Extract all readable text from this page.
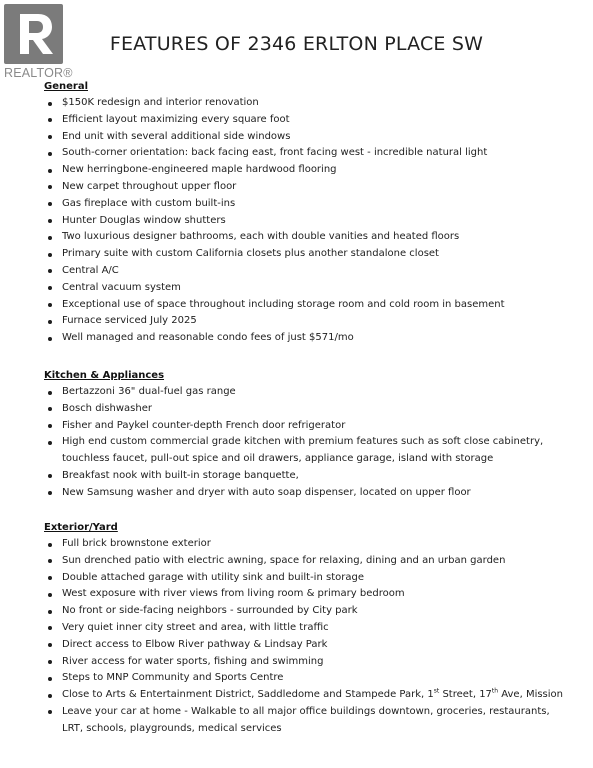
REALTOR®
FEATURES OF 2346 ERLTON PLACE SW
General
$150K redesign and interior renovation
Efficient layout maximizing every square foot
End unit with several additional side windows
South-corner orientation: back facing east, front facing west - incredible natural light
New herringbone-engineered maple hardwood flooring
New carpet throughout upper floor
Gas fireplace with custom built-ins
Hunter Douglas window shutters
Two luxurious designer bathrooms, each with double vanities and heated floors
Primary suite with custom California closets plus another standalone closet
Central A/C
Central vacuum system
Exceptional use of space throughout including storage room and cold room in basement
Furnace serviced July 2025
Well managed and reasonable condo fees of just $571/mo
Kitchen & Appliances
Bertazzoni 36" dual-fuel gas range
Bosch dishwasher
Fisher and Paykel counter-depth French door refrigerator
High end custom commercial grade kitchen with premium features such as soft close cabinetry, touchless faucet, pull-out spice and oil drawers, appliance garage, island with storage
Breakfast nook with built-in storage banquette,
New Samsung washer and dryer with auto soap dispenser, located on upper floor
Exterior/Yard
Full brick brownstone exterior
Sun drenched patio with electric awning, space for relaxing, dining and an urban garden
Double attached garage with utility sink and built-in storage
West exposure with river views from living room & primary bedroom
No front or side-facing neighbors - surrounded by City park
Very quiet inner city street and area, with little traffic
Direct access to Elbow River pathway & Lindsay Park
River access for water sports, fishing and swimming
Steps to MNP Community and Sports Centre
Close to Arts & Entertainment District, Saddledome and Stampede Park, 1st Street, 17th Ave, Mission
Leave your car at home - Walkable to all major office buildings downtown, groceries, restaurants, LRT, schools, playgrounds, medical services
